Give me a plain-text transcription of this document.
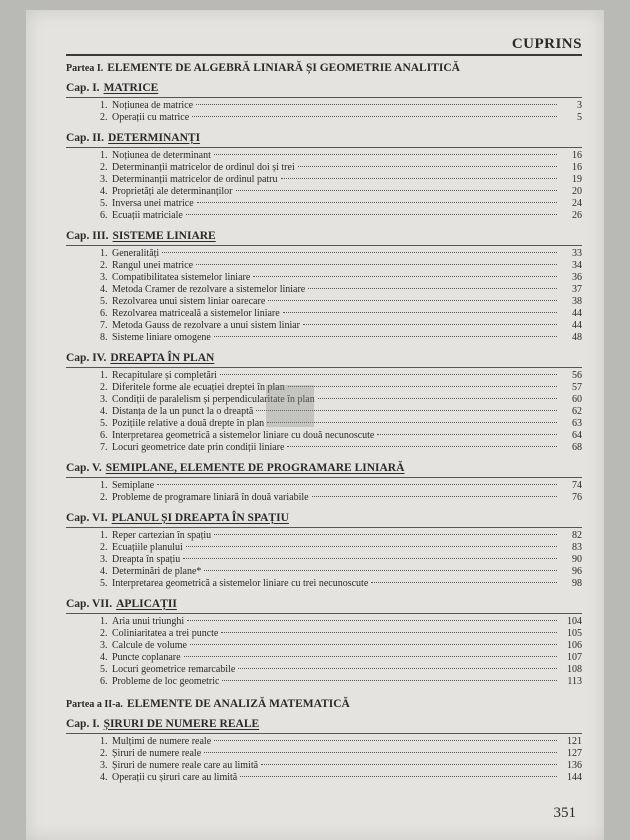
CUPRINS
Partea I. ELEMENTE DE ALGEBRĂ LINIARĂ ȘI GEOMETRIE ANALITICĂ
Cap. I. MATRICE
1. Noțiunea de matrice	3
2. Operații cu matrice	5
Cap. II. DETERMINANȚI
1. Noțiunea de determinant	16
2. Determinanții matricelor de ordinul doi și trei	16
3. Determinanții matricelor de ordinul patru	19
4. Proprietăți ale determinanților	20
5. Inversa unei matrice	24
6. Ecuații matriciale	26
Cap. III. SISTEME LINIARE
1. Generalități	33
2. Rangul unei matrice	34
3. Compatibilitatea sistemelor liniare	36
4. Metoda Cramer de rezolvare a sistemelor liniare	37
5. Rezolvarea unui sistem liniar oarecare	38
6. Rezolvarea matriceală a sistemelor liniare	44
7. Metoda Gauss de rezolvare a unui sistem liniar	44
8. Sisteme liniare omogene	48
Cap. IV. DREAPTA ÎN PLAN
1. Recapitulare și completări	56
2. Diferitele forme ale ecuației dreptei în plan	57
3. Condiții de paralelism și perpendicularitate în plan	60
4. Distanța de la un punct la o dreaptă	62
5. Pozițiile relative a două drepte în plan	63
6. Interpretarea geometrică a sistemelor liniare cu două necunoscute	64
7. Locuri geometrice date prin condiții liniare	68
Cap. V. SEMIPLANE, ELEMENTE DE PROGRAMARE LINIARĂ
1. Semiplane	74
2. Probleme de programare liniară în două variabile	76
Cap. VI. PLANUL ȘI DREAPTA ÎN SPAȚIU
1. Reper cartezian în spațiu	82
2. Ecuațiile planului	83
3. Dreapta în spațiu	90
4. Determinări de plane*	96
5. Interpretarea geometrică a sistemelor liniare cu trei necunoscute	98
Cap. VII. APLICAȚII
1. Aria unui triunghi	104
2. Coliniaritatea a trei puncte	105
3. Calcule de volume	106
4. Puncte coplanare	107
5. Locuri geometrice remarcabile	108
6. Probleme de loc geometric	113
Partea a II-a. ELEMENTE DE ANALIZĂ MATEMATICĂ
Cap. I. ȘIRURI DE NUMERE REALE
1. Mulțimi de numere reale	121
2. Șiruri de numere reale	127
3. Șiruri de numere reale care au limită	136
4. Operații cu șiruri care au limită	144
351
